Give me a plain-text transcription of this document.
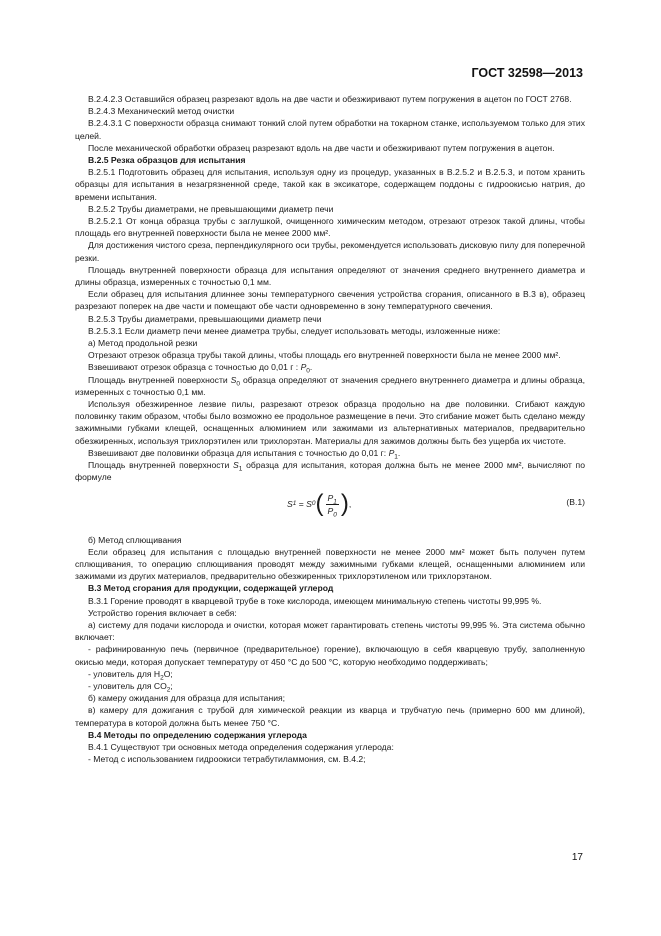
ГОСТ 32598—2013

В.2.4.2.3 Оставшийся образец разрезают вдоль на две части и обезжиривают путем погружения в ацетон по ГОСТ 2768.

В.2.4.3 Механический метод очистки

В.2.4.3.1 С поверхности образца снимают тонкий слой путем обработки на токарном станке, используемом только для этих целей.

После механической обработки образец разрезают вдоль на две части и обезжиривают путем погружения в ацетон.

В.2.5 Резка образцов для испытания

В.2.5.1 Подготовить образец для испытания, используя одну из процедур, указанных в В.2.5.2 и В.2.5.3, и потом хранить образцы для испытания в незагрязненной среде, такой как в эксикаторе, содержащем поддоны с гидроокисью натрия, до времени испытания.

В.2.5.2 Трубы диаметрами, не превышающими диаметр печи

В.2.5.2.1 От конца образца трубы с заглушкой, очищенного химическим методом, отрезают отрезок такой длины, чтобы площадь его внутренней поверхности была не менее 2000 мм².

Для достижения чистого среза, перпендикулярного оси трубы, рекомендуется использовать дисковую пилу для поперечной резки.

Площадь внутренней поверхности образца для испытания определяют от значения среднего внутреннего диаметра и длины образца, измеренных с точностью 0,1 мм.

Если образец для испытания длиннее зоны температурного свечения устройства сгорания, описанного в В.3 в), образец разрезают поперек на две части и помещают обе части одновременно в зону температурного свечения.

В.2.5.3 Трубы диаметрами, превышающими диаметр печи

В.2.5.3.1 Если диаметр печи менее диаметра трубы, следует использовать методы, изложенные ниже:

а) Метод продольной резки

Отрезают отрезок образца трубы такой длины, чтобы площадь его внутренней поверхности была не менее 2000 мм².

Взвешивают отрезок образца с точностью до 0,01 г : $P_0$.

Площадь внутренней поверхности $S_0$ образца определяют от значения среднего внутреннего диаметра и длины образца, измеренных с точностью 0,1 мм.

Используя обезжиренное лезвие пилы, разрезают отрезок образца продольно на две половинки. Сгибают каждую половинку таким образом, чтобы было возможно ее продольное размещение в печи. Это сгибание может быть сделано между зажимными губками клещей, оснащенных алюминием или зажимами из альтернативных материалов, предварительно обезжиренных, используя трихлорэтилен или трихлорэтан. Материалы для зажимов должны быть без ущерба их чистоте.

Взвешивают две половинки образца для испытания с точностью до 0,01 г: $P_1$.

Площадь внутренней поверхности $S_1$ образца для испытания, которая должна быть не менее 2000 мм², вычисляют по формуле

S 1 = S 0 ( $\frac{P_1}{P_0}$ ) ,	(В.1)

б) Метод сплющивания

Если образец для испытания с площадью внутренней поверхности не менее 2000 мм² может быть получен путем сплющивания, то операцию сплющивания проводят между зажимными губками клещей, оснащенными алюминием или зажимами из других материалов, предварительно обезжиренных трихлорэтиленом или трихлорэтаном.

В.3 Метод сгорания для продукции, содержащей углерод

В.3.1 Горение проводят в кварцевой трубе в токе кислорода, имеющем минимальную степень чистоты 99,995 %.

Устройство горения включает в себя:

а) систему для подачи кислорода и очистки, которая может гарантировать степень чистоты 99,995 %. Эта система обычно включает:

- рафинированную печь (первичное (предварительное) горение), включающую в себя кварцевую трубу, заполненную окисью меди, которая допускает температуру от 450 °С до 500 °С, которую необходимо поддерживать;

- уловитель для $H_2O$;

- уловитель для $CO_2$;

б) камеру ожидания для образца для испытания;

в) камеру для дожигания с трубой для химической реакции из кварца и трубчатую печь (примерно 600 мм длиной), температура в которой должна быть менее 750 °С.

В.4 Методы по определению содержания углерода

В.4.1 Существуют три основных метода определения содержания углерода:

- Метод с использованием гидроокиси тетрабутиламмония, см. В.4.2;

17
